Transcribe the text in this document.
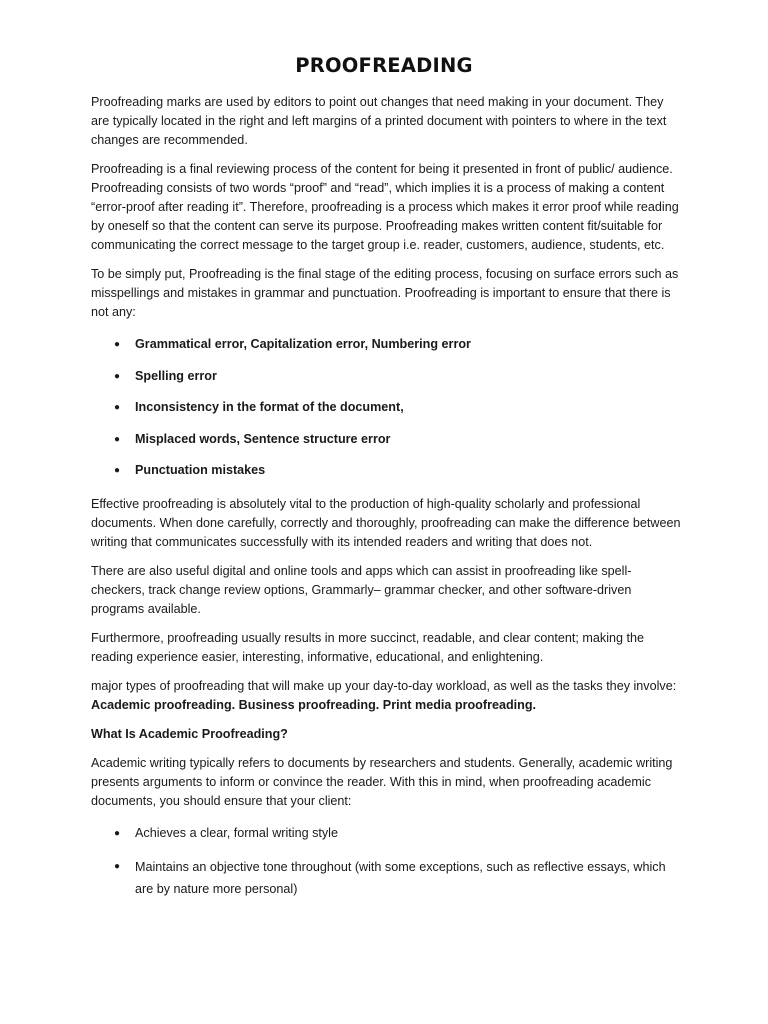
PROOFREADING

Proofreading marks are used by editors to point out changes that need making in your document. They are typically located in the right and left margins of a printed document with pointers to where in the text changes are recommended.

Proofreading is a final reviewing process of the content for being it presented in front of public/ audience. Proofreading consists of two words “proof” and “read”, which implies it is a process of making a content “error-proof after reading it”. Therefore, proofreading is a process which makes it error proof while reading by oneself so that the content can serve its purpose. Proofreading makes written content fit/suitable for communicating the correct message to the target group i.e. reader, customers, audience, students, etc.

To be simply put, Proofreading is the final stage of the editing process, focusing on surface errors such as misspellings and mistakes in grammar and punctuation. Proofreading is important to ensure that there is not any:

● Grammatical error, Capitalization error, Numbering error
● Spelling error
● Inconsistency in the format of the document,
● Misplaced words, Sentence structure error
● Punctuation mistakes

Effective proofreading is absolutely vital to the production of high-quality scholarly and professional documents. When done carefully, correctly and thoroughly, proofreading can make the difference between writing that communicates successfully with its intended readers and writing that does not.

There are also useful digital and online tools and apps which can assist in proofreading like spell-checkers, track change review options, Grammarly– grammar checker, and other software-driven programs available.

Furthermore, proofreading usually results in more succinct, readable, and clear content; making the reading experience easier, interesting, informative, educational, and enlightening.

major types of proofreading that will make up your day-to-day workload, as well as the tasks they involve: Academic proofreading. Business proofreading. Print media proofreading.

What Is Academic Proofreading?

Academic writing typically refers to documents by researchers and students. Generally, academic writing presents arguments to inform or convince the reader. With this in mind, when proofreading academic documents, you should ensure that your client:

● Achieves a clear, formal writing style
● Maintains an objective tone throughout (with some exceptions, such as reflective essays, which are by nature more personal)
